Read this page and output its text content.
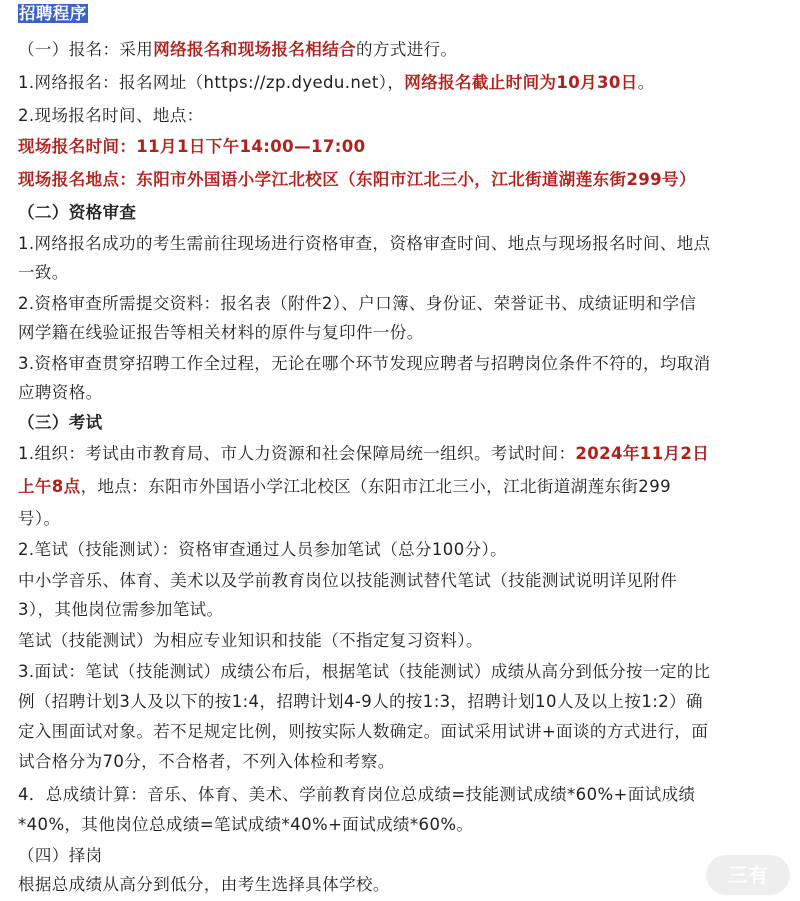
招聘程序
（一）报名：采用网络报名和现场报名相结合的方式进行。
1.网络报名：报名网址（https://zp.dyedu.net），网络报名截止时间为10月30日。
2.现场报名时间、地点：
现场报名时间：11月1日下午14:00—17:00
现场报名地点：东阳市外国语小学江北校区（东阳市江北三小，江北街道湖莲东街299号）
（二）资格审查
1.网络报名成功的考生需前往现场进行资格审查，资格审查时间、地点与现场报名时间、地点
一致。
2.资格审查所需提交资料：报名表（附件2）、户口簿、身份证、荣誉证书、成绩证明和学信
网学籍在线验证报告等相关材料的原件与复印件一份。
3.资格审查贯穿招聘工作全过程，无论在哪个环节发现应聘者与招聘岗位条件不符的，均取消
应聘资格。
（三）考试
1.组织：考试由市教育局、市人力资源和社会保障局统一组织。考试时间：2024年11月2日
上午8点，地点：东阳市外国语小学江北校区（东阳市江北三小，江北街道湖莲东街299
号）。
2.笔试（技能测试）：资格审查通过人员参加笔试（总分100分）。
中小学音乐、体育、美术以及学前教育岗位以技能测试替代笔试（技能测试说明详见附件
3），其他岗位需参加笔试。
笔试（技能测试）为相应专业知识和技能（不指定复习资料）。
3.面试：笔试（技能测试）成绩公布后，根据笔试（技能测试）成绩从高分到低分按一定的比
例（招聘计划3人及以下的按1:4，招聘计划4-9人的按1:3，招聘计划10人及以上按1:2）确
定入围面试对象。若不足规定比例，则按实际人数确定。面试采用试讲+面谈的方式进行，面
试合格分为70分，不合格者，不列入体检和考察。
4．总成绩计算：音乐、体育、美术、学前教育岗位总成绩=技能测试成绩*60%+面试成绩
*40%，其他岗位总成绩=笔试成绩*40%+面试成绩*60%。
（四）择岗
根据总成绩从高分到低分，由考生选择具体学校。	三有
